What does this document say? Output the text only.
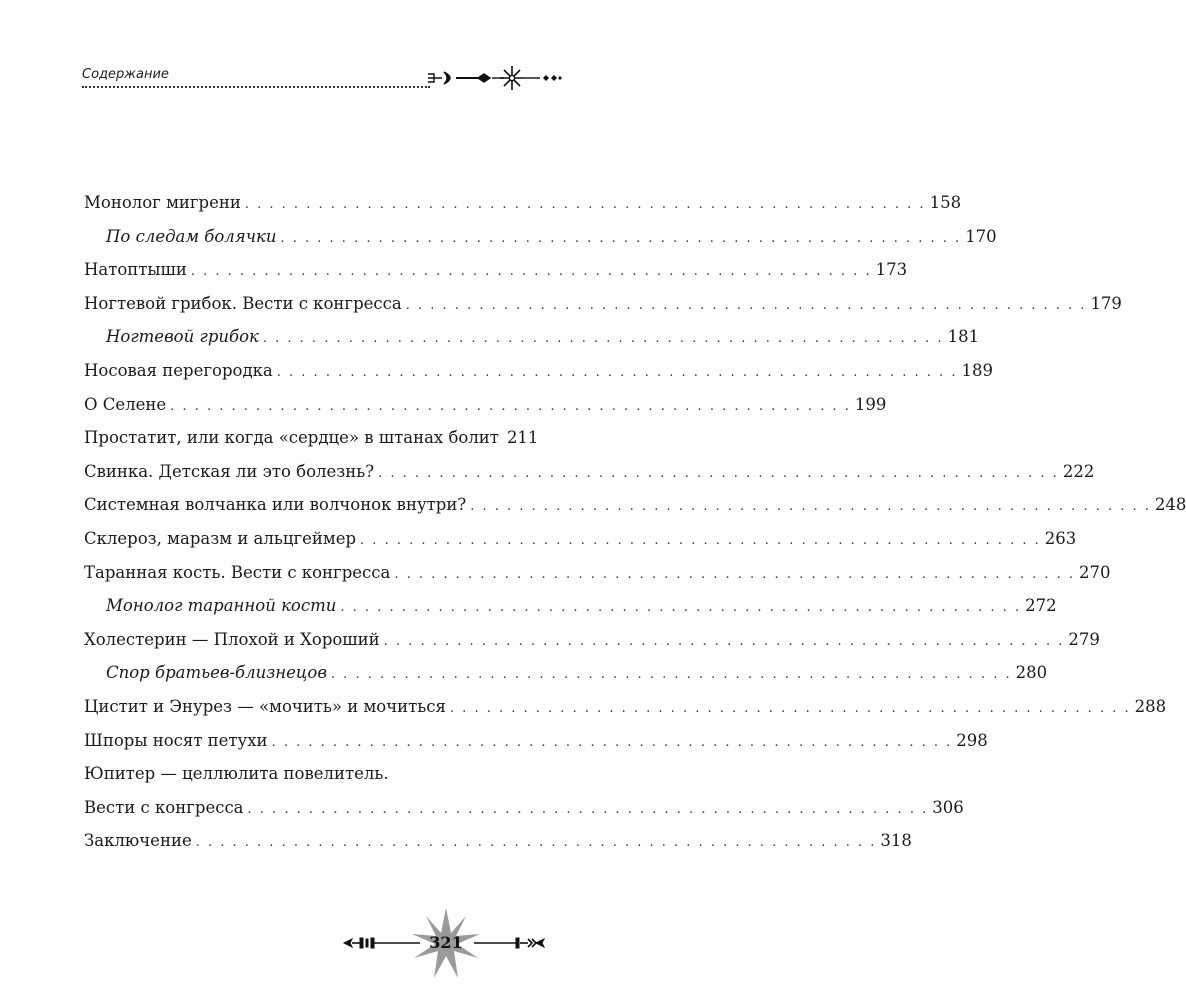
Содержание
Монолог мигрени . . . . . . . . . . . . . . . . . . . . . . . . . . . . . . . . . . . . . . . . . . . . . . . . . . . . . . . . 158
По следам болячки . . . . . . . . . . . . . . . . . . . . . . . . . . . . . . . . . . . . . . . . . . . . . . . . . . . . . . . . 170
Натоптыши . . . . . . . . . . . . . . . . . . . . . . . . . . . . . . . . . . . . . . . . . . . . . . . . . . . . . . . . 173
Ногтевой грибок. Вести с конгресса . . . . . . . . . . . . . . . . . . . . . . . . . . . . . . . . . . . . . . . . . . . . . . . . . . . . . . . . 179
Ногтевой грибок . . . . . . . . . . . . . . . . . . . . . . . . . . . . . . . . . . . . . . . . . . . . . . . . . . . . . . . . 181
Носовая перегородка . . . . . . . . . . . . . . . . . . . . . . . . . . . . . . . . . . . . . . . . . . . . . . . . . . . . . . . . 189
О Селене . . . . . . . . . . . . . . . . . . . . . . . . . . . . . . . . . . . . . . . . . . . . . . . . . . . . . . . . 199
Простатит, или когда «сердце» в штанах болит 211
Свинка. Детская ли это болезнь? . . . . . . . . . . . . . . . . . . . . . . . . . . . . . . . . . . . . . . . . . . . . . . . . . . . . . . . . 222
Системная волчанка или волчонок внутри? . . . . . . . . . . . . . . . . . . . . . . . . . . . . . . . . . . . . . . . . . . . . . . . . . . . . . . . . 248
Склероз, маразм и альцгеймер . . . . . . . . . . . . . . . . . . . . . . . . . . . . . . . . . . . . . . . . . . . . . . . . . . . . . . . . 263
Таранная кость. Вести с конгресса . . . . . . . . . . . . . . . . . . . . . . . . . . . . . . . . . . . . . . . . . . . . . . . . . . . . . . . . 270
Монолог таранной кости . . . . . . . . . . . . . . . . . . . . . . . . . . . . . . . . . . . . . . . . . . . . . . . . . . . . . . . . 272
Холестерин — Плохой и Хороший . . . . . . . . . . . . . . . . . . . . . . . . . . . . . . . . . . . . . . . . . . . . . . . . . . . . . . . . 279
Спор братьев-близнецов . . . . . . . . . . . . . . . . . . . . . . . . . . . . . . . . . . . . . . . . . . . . . . . . . . . . . . . . 280
Цистит и Энурез — «мочить» и мочиться . . . . . . . . . . . . . . . . . . . . . . . . . . . . . . . . . . . . . . . . . . . . . . . . . . . . . . . . 288
Шпоры носят петухи . . . . . . . . . . . . . . . . . . . . . . . . . . . . . . . . . . . . . . . . . . . . . . . . . . . . . . . . 298
Юпитер — целлюлита повелитель.
Вести с конгресса . . . . . . . . . . . . . . . . . . . . . . . . . . . . . . . . . . . . . . . . . . . . . . . . . . . . . . . . 306
Заключение . . . . . . . . . . . . . . . . . . . . . . . . . . . . . . . . . . . . . . . . . . . . . . . . . . . . . . . . 318
321
